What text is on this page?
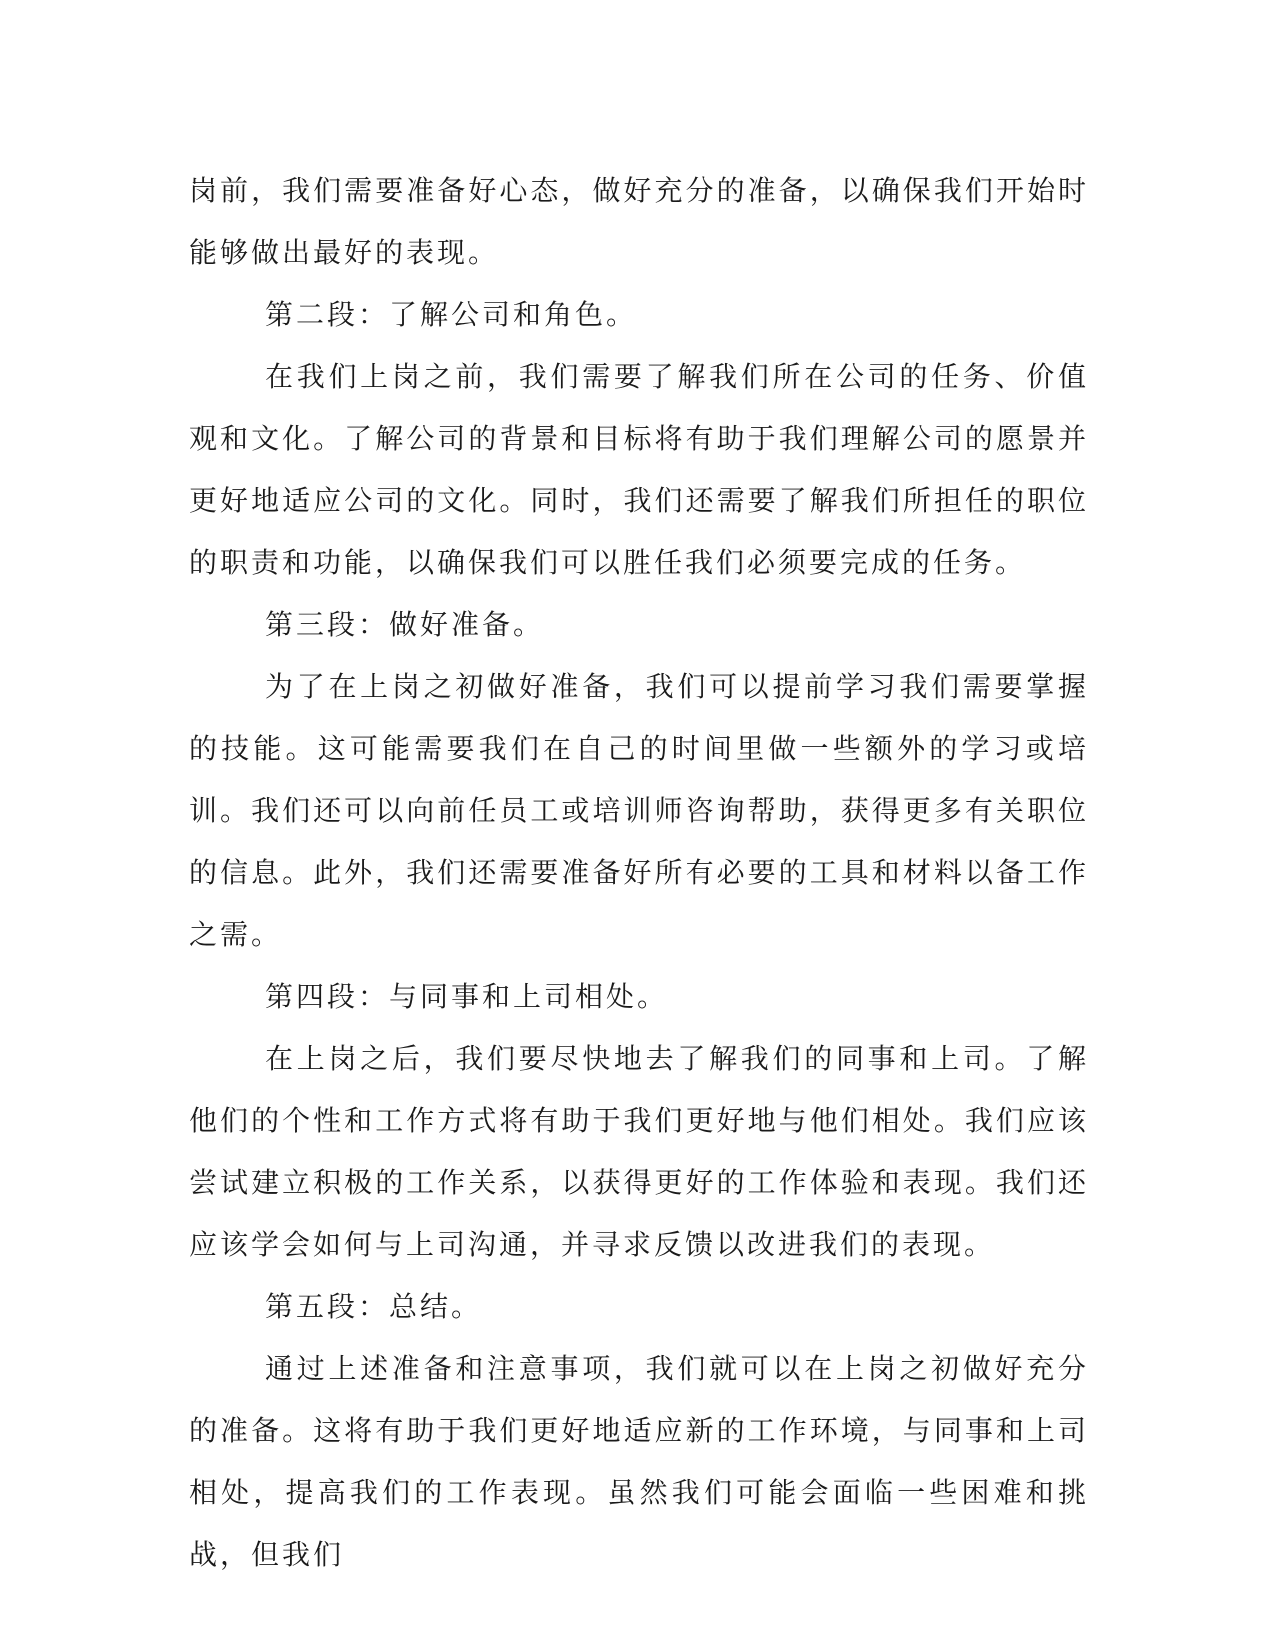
岗前，我们需要准备好心态，做好充分的准备，以确保我们开始时能够做出最好的表现。

第二段：了解公司和角色。

在我们上岗之前，我们需要了解我们所在公司的任务、价值观和文化。了解公司的背景和目标将有助于我们理解公司的愿景并更好地适应公司的文化。同时，我们还需要了解我们所担任的职位的职责和功能，以确保我们可以胜任我们必须要完成的任务。

第三段：做好准备。

为了在上岗之初做好准备，我们可以提前学习我们需要掌握的技能。这可能需要我们在自己的时间里做一些额外的学习或培训。我们还可以向前任员工或培训师咨询帮助，获得更多有关职位的信息。此外，我们还需要准备好所有必要的工具和材料以备工作之需。

第四段：与同事和上司相处。

在上岗之后，我们要尽快地去了解我们的同事和上司。了解他们的个性和工作方式将有助于我们更好地与他们相处。我们应该尝试建立积极的工作关系，以获得更好的工作体验和表现。我们还应该学会如何与上司沟通，并寻求反馈以改进我们的表现。

第五段：总结。

通过上述准备和注意事项，我们就可以在上岗之初做好充分的准备。这将有助于我们更好地适应新的工作环境，与同事和上司相处，提高我们的工作表现。虽然我们可能会面临一些困难和挑战，但我们
